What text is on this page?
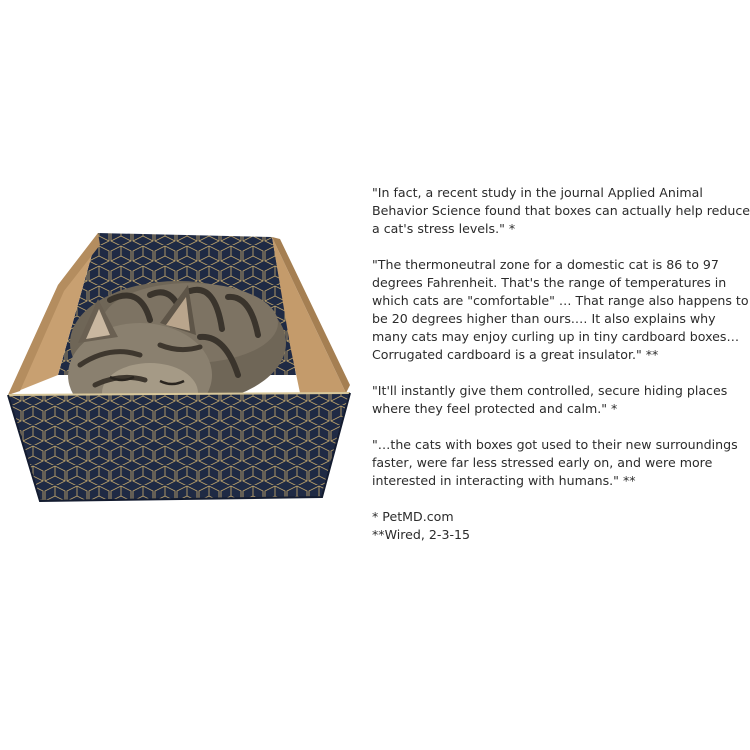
"In fact, a recent study in the journal Applied Animal Behavior Science found that boxes can actually help reduce a cat's stress levels." *

"The thermoneutral zone for a domestic cat is 86 to 97 degrees Fahrenheit. That's the range of temperatures in which cats are "comfortable" … That range also happens to be 20 degrees higher than ours.… It also explains why many cats may enjoy curling up in tiny cardboard boxes…Corrugated cardboard is a great insulator." **

"It'll instantly give them controlled, secure hiding places where they feel protected and calm." *

"…the cats with boxes got used to their new surroundings faster, were far less stressed early on, and were more interested in interacting with humans." **

* PetMD.com

**Wired, 2-3-15
